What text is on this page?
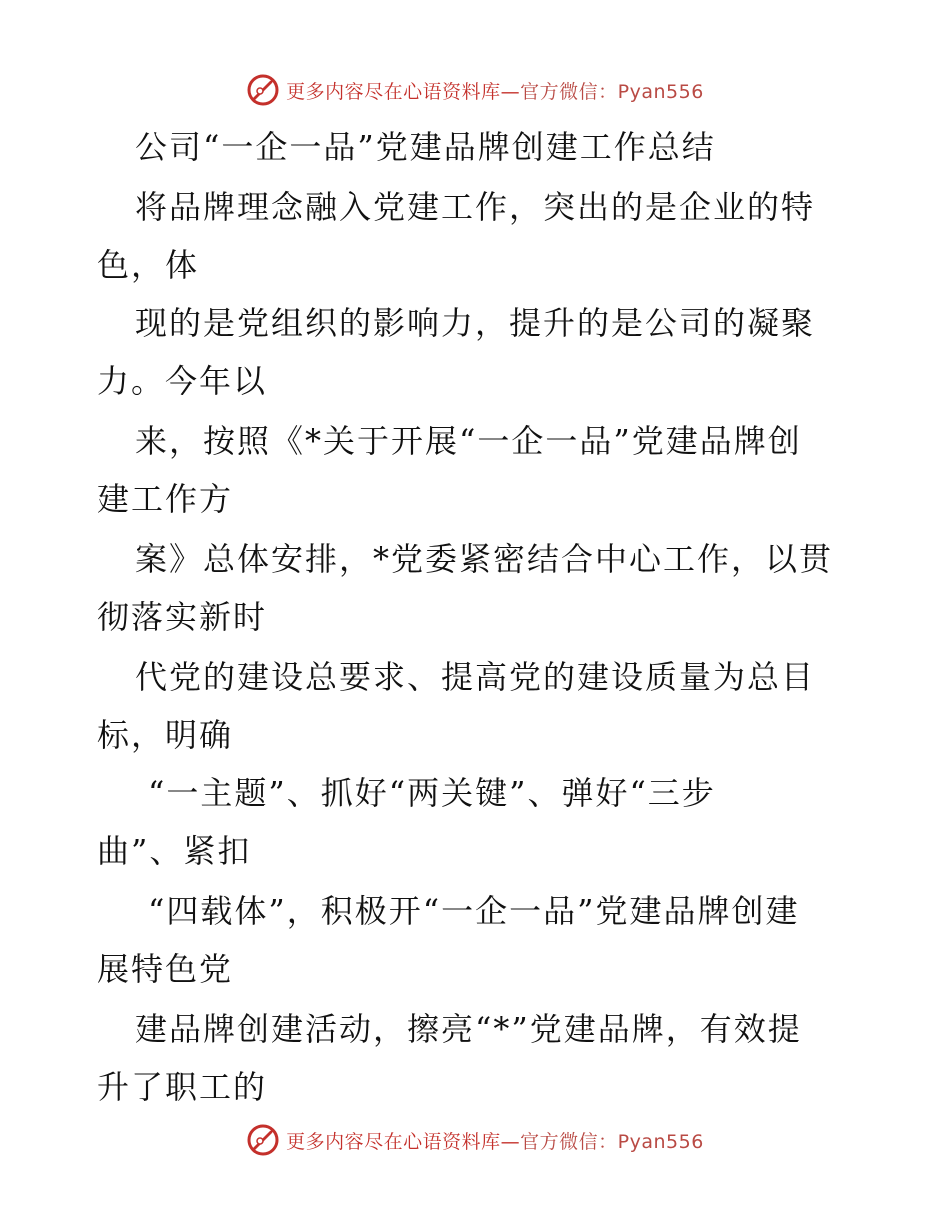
更多内容尽在心语资料库—官方微信：Pyan556
公司“一企一品”党建品牌创建工作总结
将品牌理念融入党建工作，突出的是企业的特
色，体
现的是党组织的影响力，提升的是公司的凝聚
力。今年以
来，按照《*关于开展“一企一品”党建品牌创
建工作方
案》总体安排，*党委紧密结合中心工作，以贯
彻落实新时
代党的建设总要求、提高党的建设质量为总目
标，明确
“一主题”、抓好“两关键”、弹好“三步
曲”、紧扣
“四载体”，积极开“一企一品”党建品牌创建
展特色党
建品牌创建活动，擦亮“*”党建品牌，有效提
升了职工的
更多内容尽在心语资料库—官方微信：Pyan556
